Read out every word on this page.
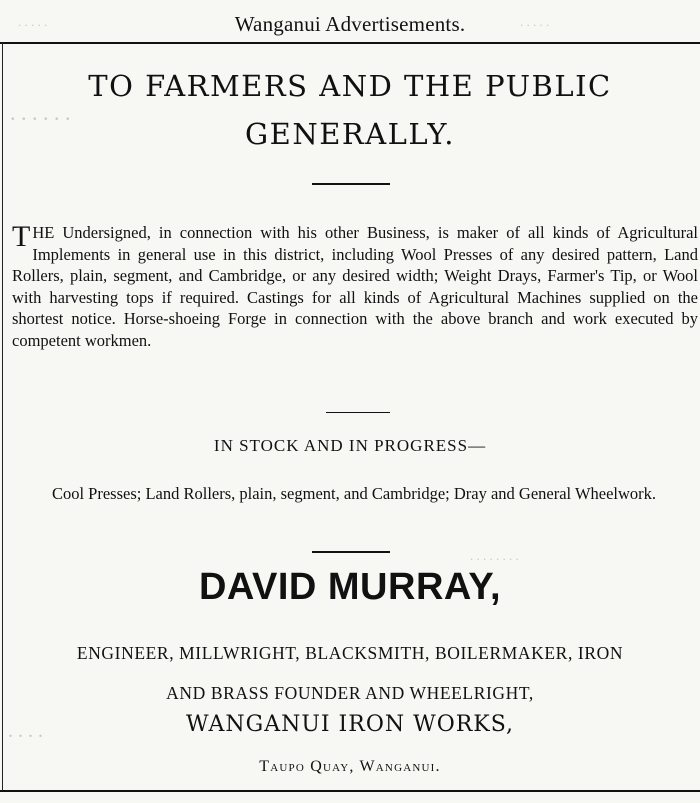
. . . . .	. . . . .
. . . . . .
. . . . . . . .
. . . .
Wanganui Advertisements.
TO FARMERS AND THE PUBLIC
GENERALLY.
THE Undersigned, in connection with his other Business, is maker of all kinds of Agricultural Implements in general use in this district, including Wool Presses of any desired pattern, Land Rollers, plain, segment, and Cambridge, or any desired width; Weight Drays, Farmer's Tip, or Wool with harvesting tops if required. Castings for all kinds of Agricultural Machines supplied on the shortest notice. Horse-shoeing Forge in connection with the above branch and work executed by competent workmen.
IN STOCK AND IN PROGRESS—
Cool Presses; Land Rollers, plain, segment, and Cambridge; Dray and General Wheelwork.
DAVID MURRAY,
ENGINEER, MILLWRIGHT, BLACKSMITH, BOILERMAKER, IRON
AND BRASS FOUNDER AND WHEELRIGHT,
WANGANUI IRON WORKS,
Taupo Quay, Wanganui.
